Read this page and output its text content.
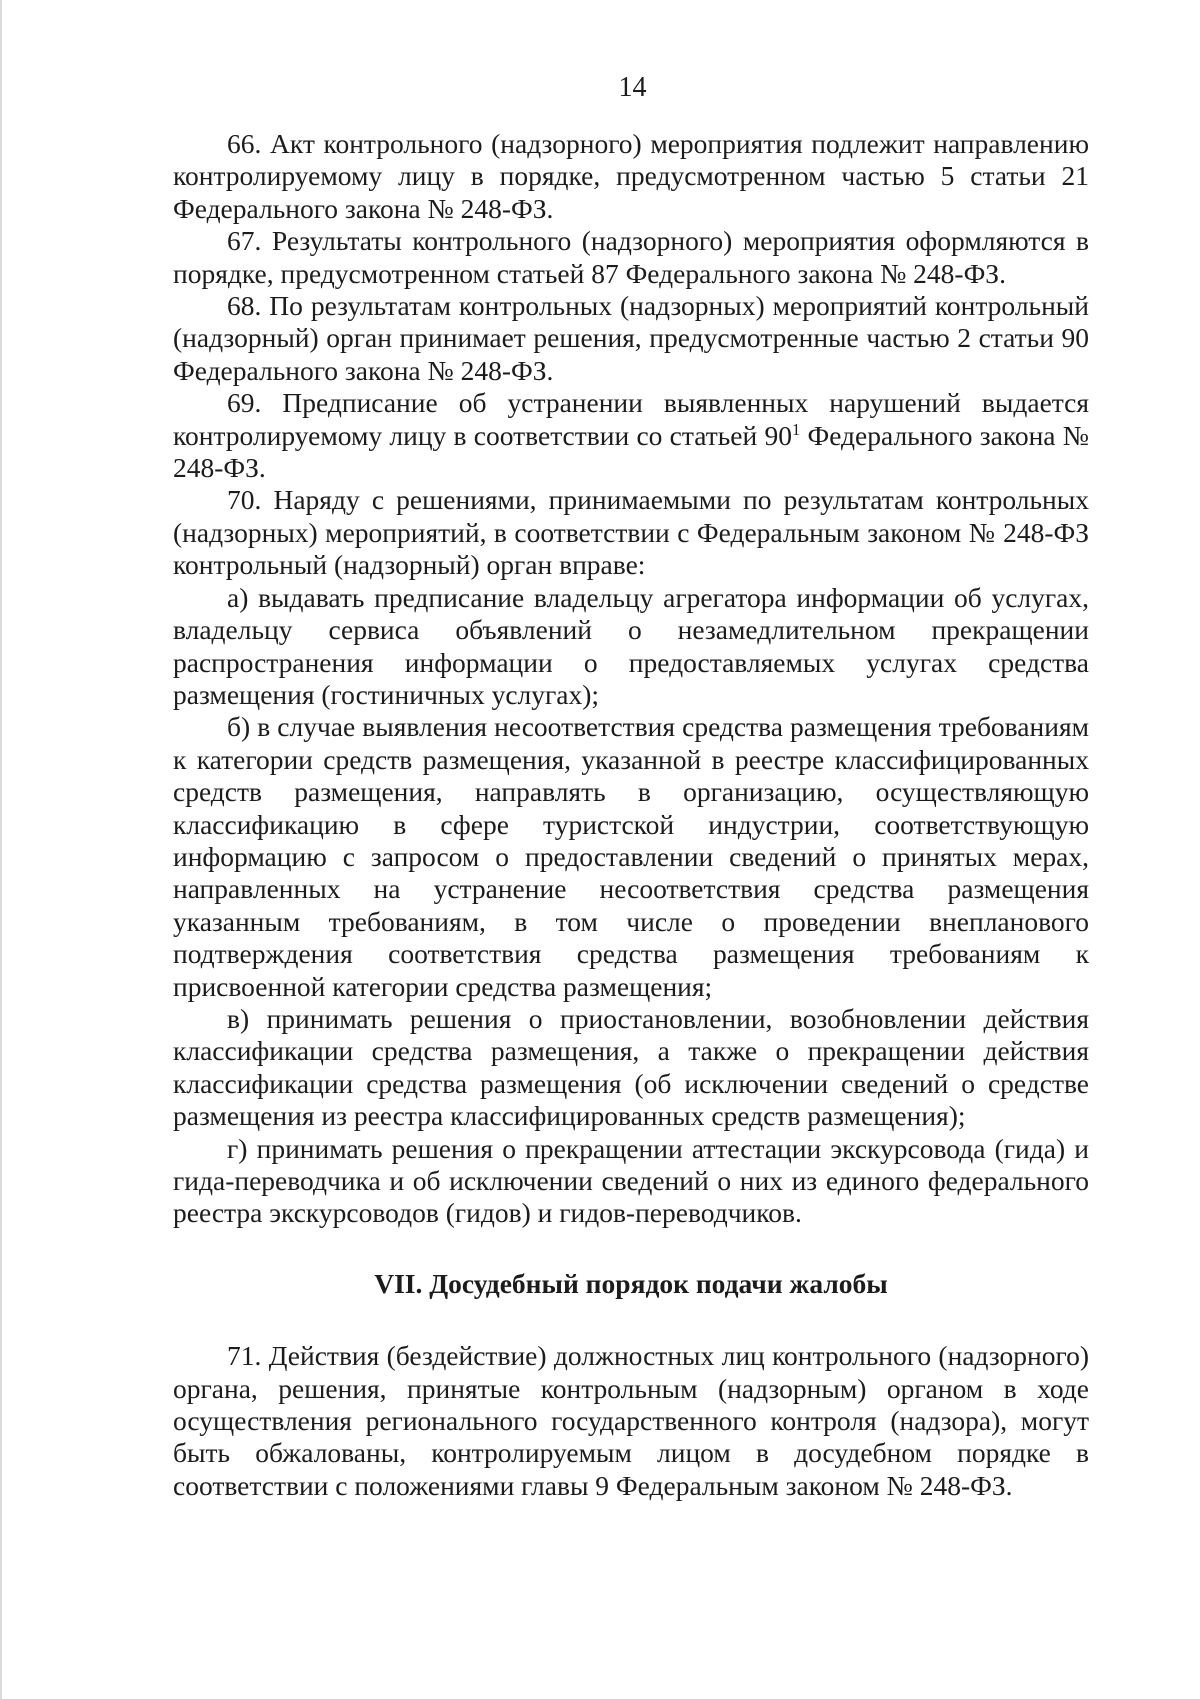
14

66. Акт контрольного (надзорного) мероприятия подлежит направлению контролируемому лицу в порядке, предусмотренном частью 5 статьи 21 Федерального закона № 248-ФЗ.

67. Результаты контрольного (надзорного) мероприятия оформляются в порядке, предусмотренном статьей 87 Федерального закона № 248-ФЗ.

68. По результатам контрольных (надзорных) мероприятий контрольный (надзорный) орган принимает решения, предусмотренные частью 2 статьи 90 Федерального закона № 248-ФЗ.

69. Предписание об устранении выявленных нарушений выдается контролируемому лицу в соответствии со статьей $90^1$ Федерального закона № 248-ФЗ.

70. Наряду с решениями, принимаемыми по результатам контрольных (надзорных) мероприятий, в соответствии с Федеральным законом № 248-ФЗ контрольный (надзорный) орган вправе:

а) выдавать предписание владельцу агрегатора информации об услугах, владельцу сервиса объявлений о незамедлительном прекращении распространения информации о предоставляемых услугах средства размещения (гостиничных услугах);

б) в случае выявления несоответствия средства размещения требованиям к категории средств размещения, указанной в реестре классифицированных средств размещения, направлять в организацию, осуществляющую классификацию в сфере туристской индустрии, соответствующую информацию с запросом о предоставлении сведений о принятых мерах, направленных на устранение несоответствия средства размещения указанным требованиям, в том числе о проведении внепланового подтверждения соответствия средства размещения требованиям к присвоенной категории средства размещения;

в) принимать решения о приостановлении, возобновлении действия классификации средства размещения, а также о прекращении действия классификации средства размещения (об исключении сведений о средстве размещения из реестра классифицированных средств размещения);

г) принимать решения о прекращении аттестации экскурсовода (гида) и гида-переводчика и об исключении сведений о них из единого федерального реестра экскурсоводов (гидов) и гидов-переводчиков.

VII. Досудебный порядок подачи жалобы

71. Действия (бездействие) должностных лиц контрольного (надзорного) органа, решения, принятые контрольным (надзорным) органом в ходе осуществления регионального государственного контроля (надзора), могут быть обжалованы, контролируемым лицом в досудебном порядке в соответствии с положениями главы 9 Федеральным законом № 248-ФЗ.
